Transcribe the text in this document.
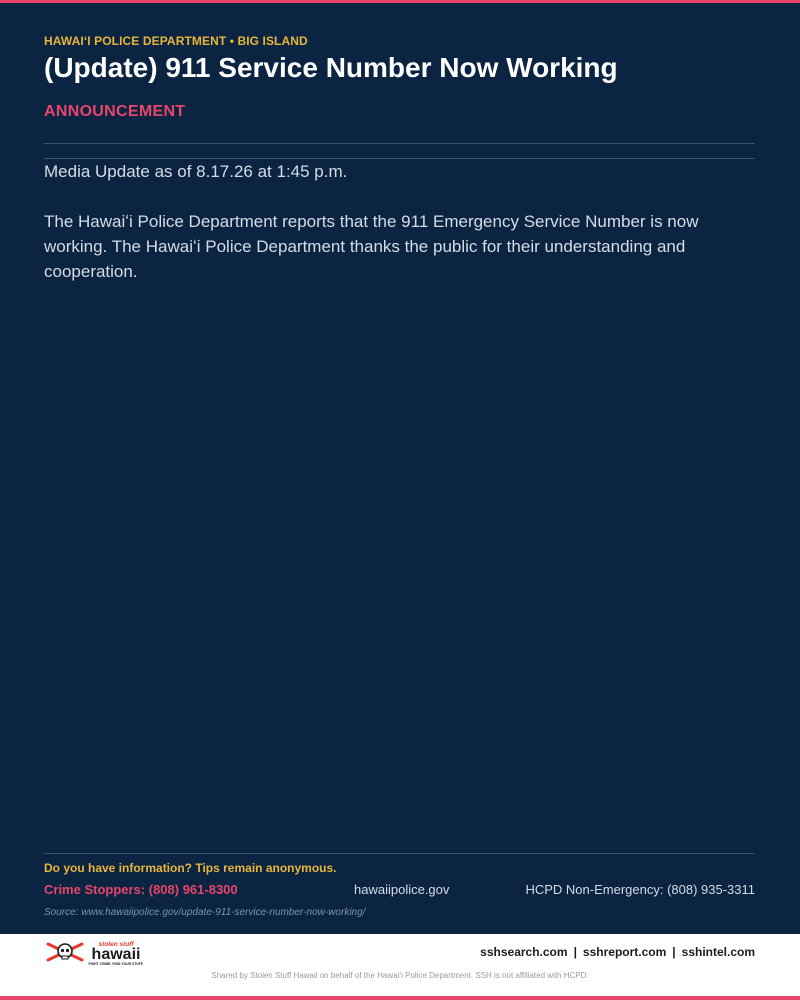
HAWAIʻI POLICE DEPARTMENT • BIG ISLAND
(Update) 911 Service Number Now Working
ANNOUNCEMENT

Media Update as of 8.17.26 at 1:45 p.m.

The Hawaiʻi Police Department reports that the 911 Emergency Service Number is now working. The Hawaiʻi Police Department thanks the public for their understanding and cooperation.

Do you have information? Tips remain anonymous.
Crime Stoppers: (808) 961-8300	hawaiipolice.gov	HCPD Non-Emergency: (808) 935-3311
Source: www.hawaiipolice.gov/update-911-service-number-now-working/
stolen stuff
hawaii
FIGHT CRIME. FIND YOUR STUFF.
sshsearch.com | sshreport.com | sshintel.com
Shared by Stolen Stuff Hawaii on behalf of the Hawaiʻi Police Department. SSH is not affiliated with HCPD.
